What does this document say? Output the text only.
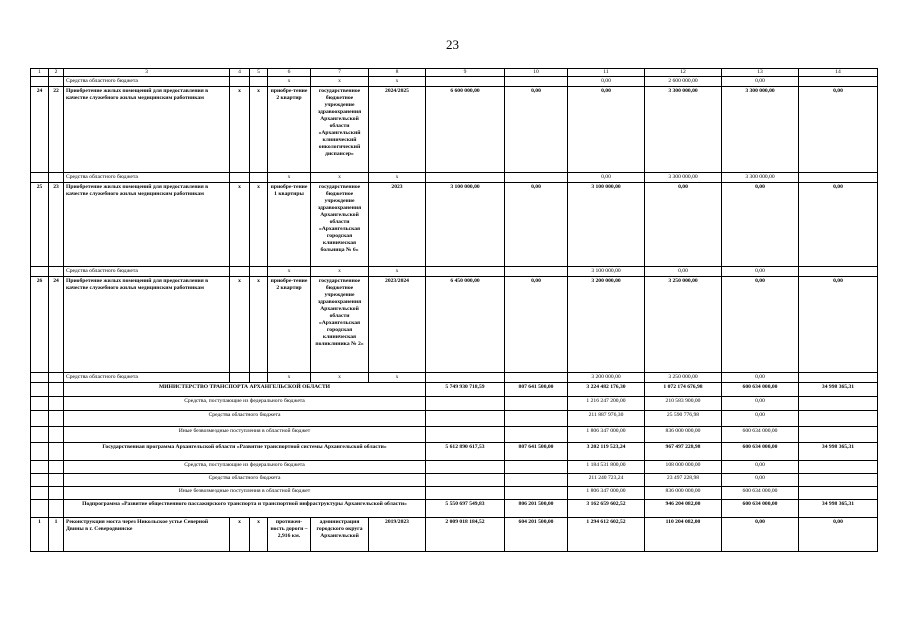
23
1	2	3	4	5	6	7	8	9	10	11	12	13	14
		Средства областного бюджета			х	х	х			0,00	2 600 000,00	0,00	
24	22	Приобретение жилых помещений для предоставления в качестве служебного жилья медицинским работникам	х	х	приобре-тение 2 квартир	государственное бюджетное учреждение здравоохранения Архангельской области «Архангельский клинический онкологический диспансер»	2024/2025	6 600 000,00	0,00	0,00	3 300 000,00	3 300 000,00	0,00
		Средства областного бюджета			х	х	х			0,00	3 300 000,00	3 300 000,00	
25	23	Приобретение жилых помещений для предоставления в качестве служебного жилья медицинским работникам	х	х	приобре-тение 1 квартиры	государственное бюджетное учреждение здравоохранения Архангельской области «Архангельская городская клиническая больница № 6»	2023	3 100 000,00	0,00	3 100 000,00	0,00	0,00	0,00
		Средства областного бюджета			х	х	х			3 100 000,00	0,00	0,00	
26	24	Приобретение жилых помещений для предоставления в качестве служебного жилья медицинским работникам	х	х	приобре-тение 2 квартир	государственное бюджетное учреждение здравоохранения Архангельской области «Архангельская городская клиническая поликлиника № 2»	2023/2024	6 450 000,00	0,00	3 200 000,00	3 250 000,00	0,00	0,00
		Средства областного бюджета			х	х	х			3 200 000,00	3 250 000,00	0,00	
		МИНИСТЕРСТВО ТРАНСПОРТА АРХАНГЕЛЬСКОЙ ОБЛАСТИ						5 749 930 718,59	807 641 500,00	3 224 482 176,30	1 072 174 676,98	600 634 000,00	34 998 365,31
		Средства, поступающие из федерального бюджета								1 216 247 200,00	210 583 900,00	0,00	
		Средства областного бюджета								211 887 976,30	25 590 776,98	0,00	
		Иные безвозмездные поступления в областной бюджет								1 806 347 000,00	836 000 000,00	600 634 000,00	
		Государственная программа Архангельской области «Развитие транспортной системы Архангельской области»						5 612 890 617,53	807 641 500,00	3 202 119 523,24	967 497 228,98	600 634 000,00	34 998 365,31
		Средства, поступающие из федерального бюджета								1 184 531 800,00	108 000 000,00	0,00	
		Средства областного бюджета								211 240 723,24	23 497 228,98	0,00	
		Иные безвозмездные поступления в областной бюджет								1 806 347 000,00	836 000 000,00	600 634 000,00	
		Подпрограмма «Развитие общественного пассажирского транспорта и транспортной инфраструктуры Архангельской области»						5 550 697 549,83	806 201 500,00	3 162 659 602,52	946 204 082,00	600 634 000,00	34 998 365,31
1	1	Реконструкция моста через Никольское устье Северной Двины в г. Северодвинске	х	х	протяжен-ность дороги – 2,916 км.	администрация городского округа Архангельской	2019/2023	2 009 018 184,52	604 201 500,00	1 294 612 602,52	110 204 082,00	0,00	0,00
